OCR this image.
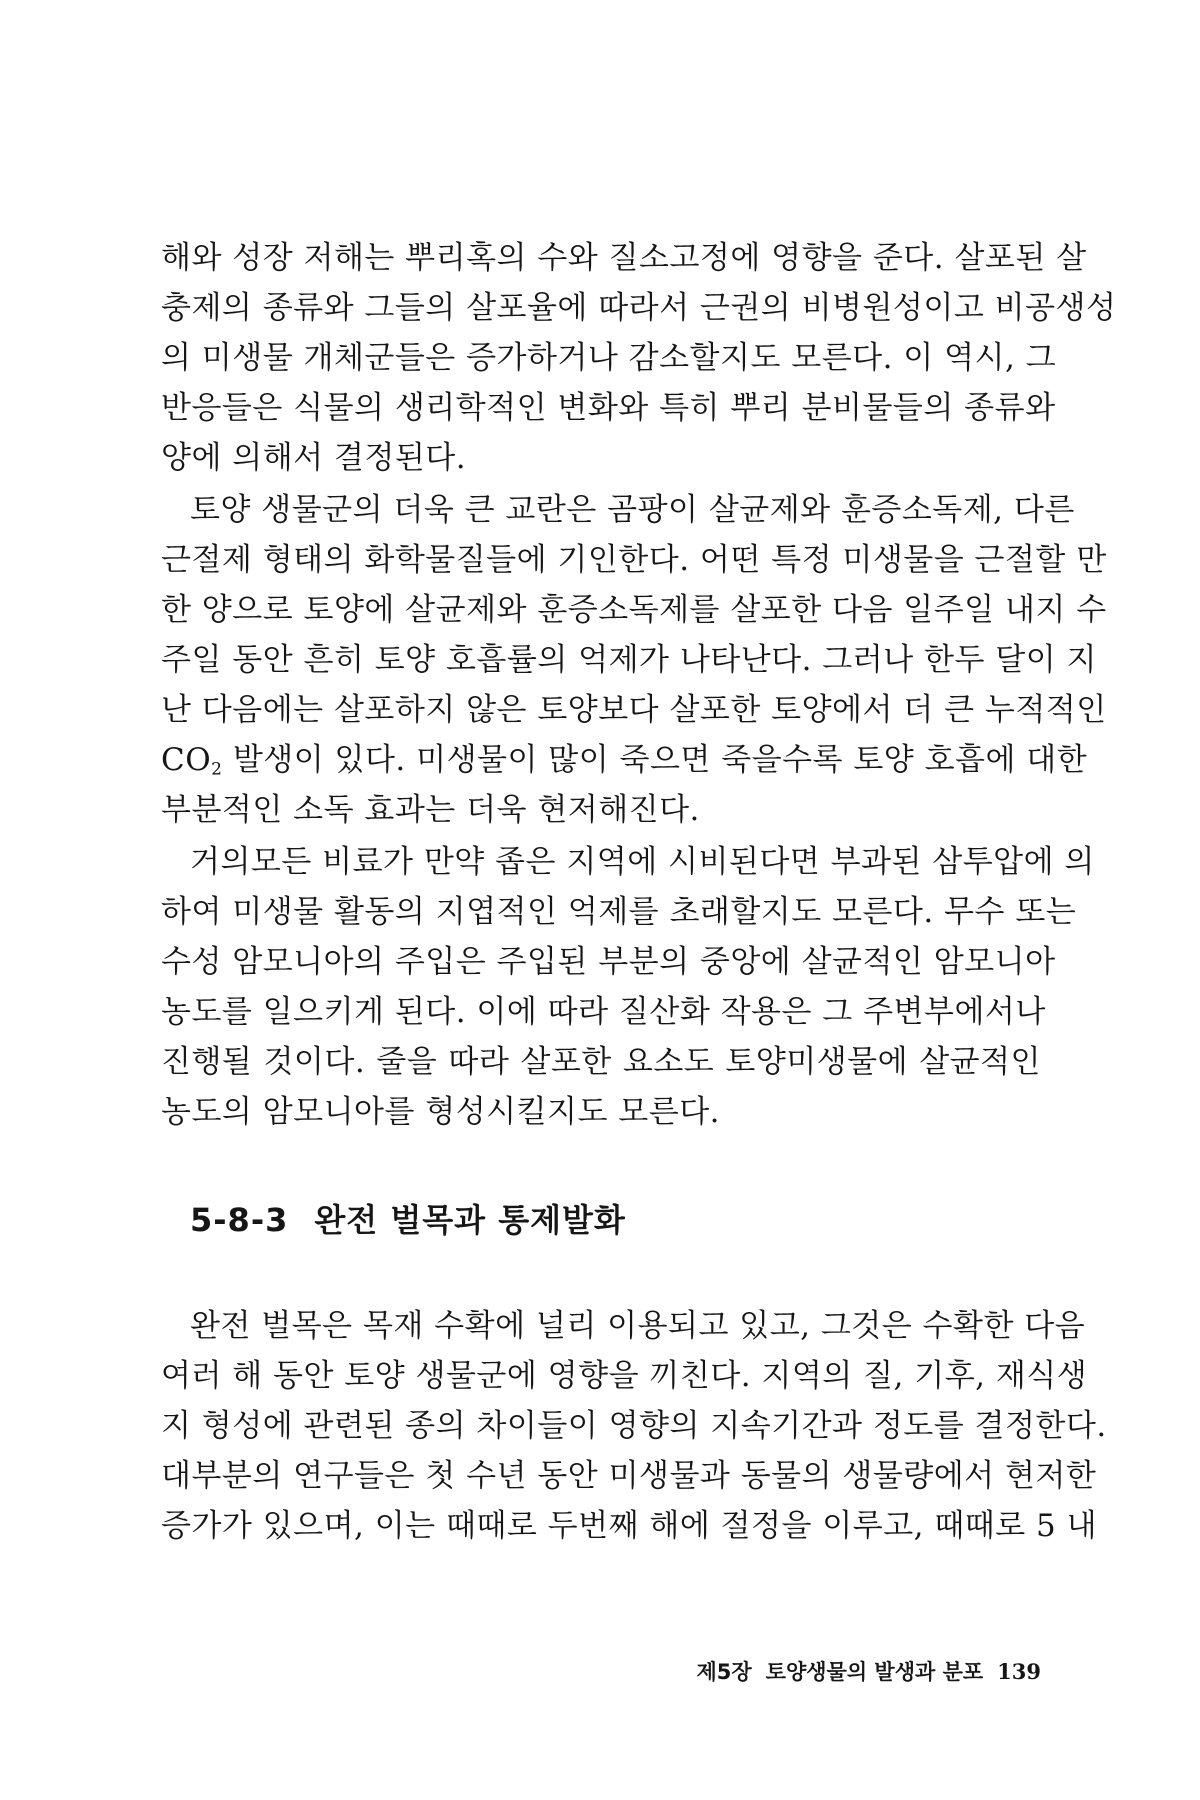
해와 성장 저해는 뿌리혹의 수와 질소고정에 영향을 준다. 살포된 살
충제의 종류와 그들의 살포율에 따라서 근권의 비병원성이고 비공생성
의 미생물 개체군들은 증가하거나 감소할지도 모른다. 이 역시, 그
반응들은 식물의 생리학적인 변화와 특히 뿌리 분비물들의 종류와
양에 의해서 결정된다.
토양 생물군의 더욱 큰 교란은 곰팡이 살균제와 훈증소독제, 다른
근절제 형태의 화학물질들에 기인한다. 어떤 특정 미생물을 근절할 만
한 양으로 토양에 살균제와 훈증소독제를 살포한 다음 일주일 내지 수
주일 동안 흔히 토양 호흡률의 억제가 나타난다. 그러나 한두 달이 지
난 다음에는 살포하지 않은 토양보다 살포한 토양에서 더 큰 누적적인
$CO_2$ 발생이 있다. 미생물이 많이 죽으면 죽을수록 토양 호흡에 대한
부분적인 소독 효과는 더욱 현저해진다.
거의모든 비료가 만약 좁은 지역에 시비된다면 부과된 삼투압에 의
하여 미생물 활동의 지엽적인 억제를 초래할지도 모른다. 무수 또는
수성 암모니아의 주입은 주입된 부분의 중앙에 살균적인 암모니아
농도를 일으키게 된다. 이에 따라 질산화 작용은 그 주변부에서나
진행될 것이다. 줄을 따라 살포한 요소도 토양미생물에 살균적인
농도의 암모니아를 형성시킬지도 모른다.
5-8-3 완전 벌목과 통제발화
완전 벌목은 목재 수확에 널리 이용되고 있고, 그것은 수확한 다음
여러 해 동안 토양 생물군에 영향을 끼친다. 지역의 질, 기후, 재식생
지 형성에 관련된 종의 차이들이 영향의 지속기간과 정도를 결정한다.
대부분의 연구들은 첫 수년 동안 미생물과 동물의 생물량에서 현저한
증가가 있으며, 이는 때때로 두번째 해에 절정을 이루고, 때때로 5 내
제5장 토양생물의 발생과 분포 139
